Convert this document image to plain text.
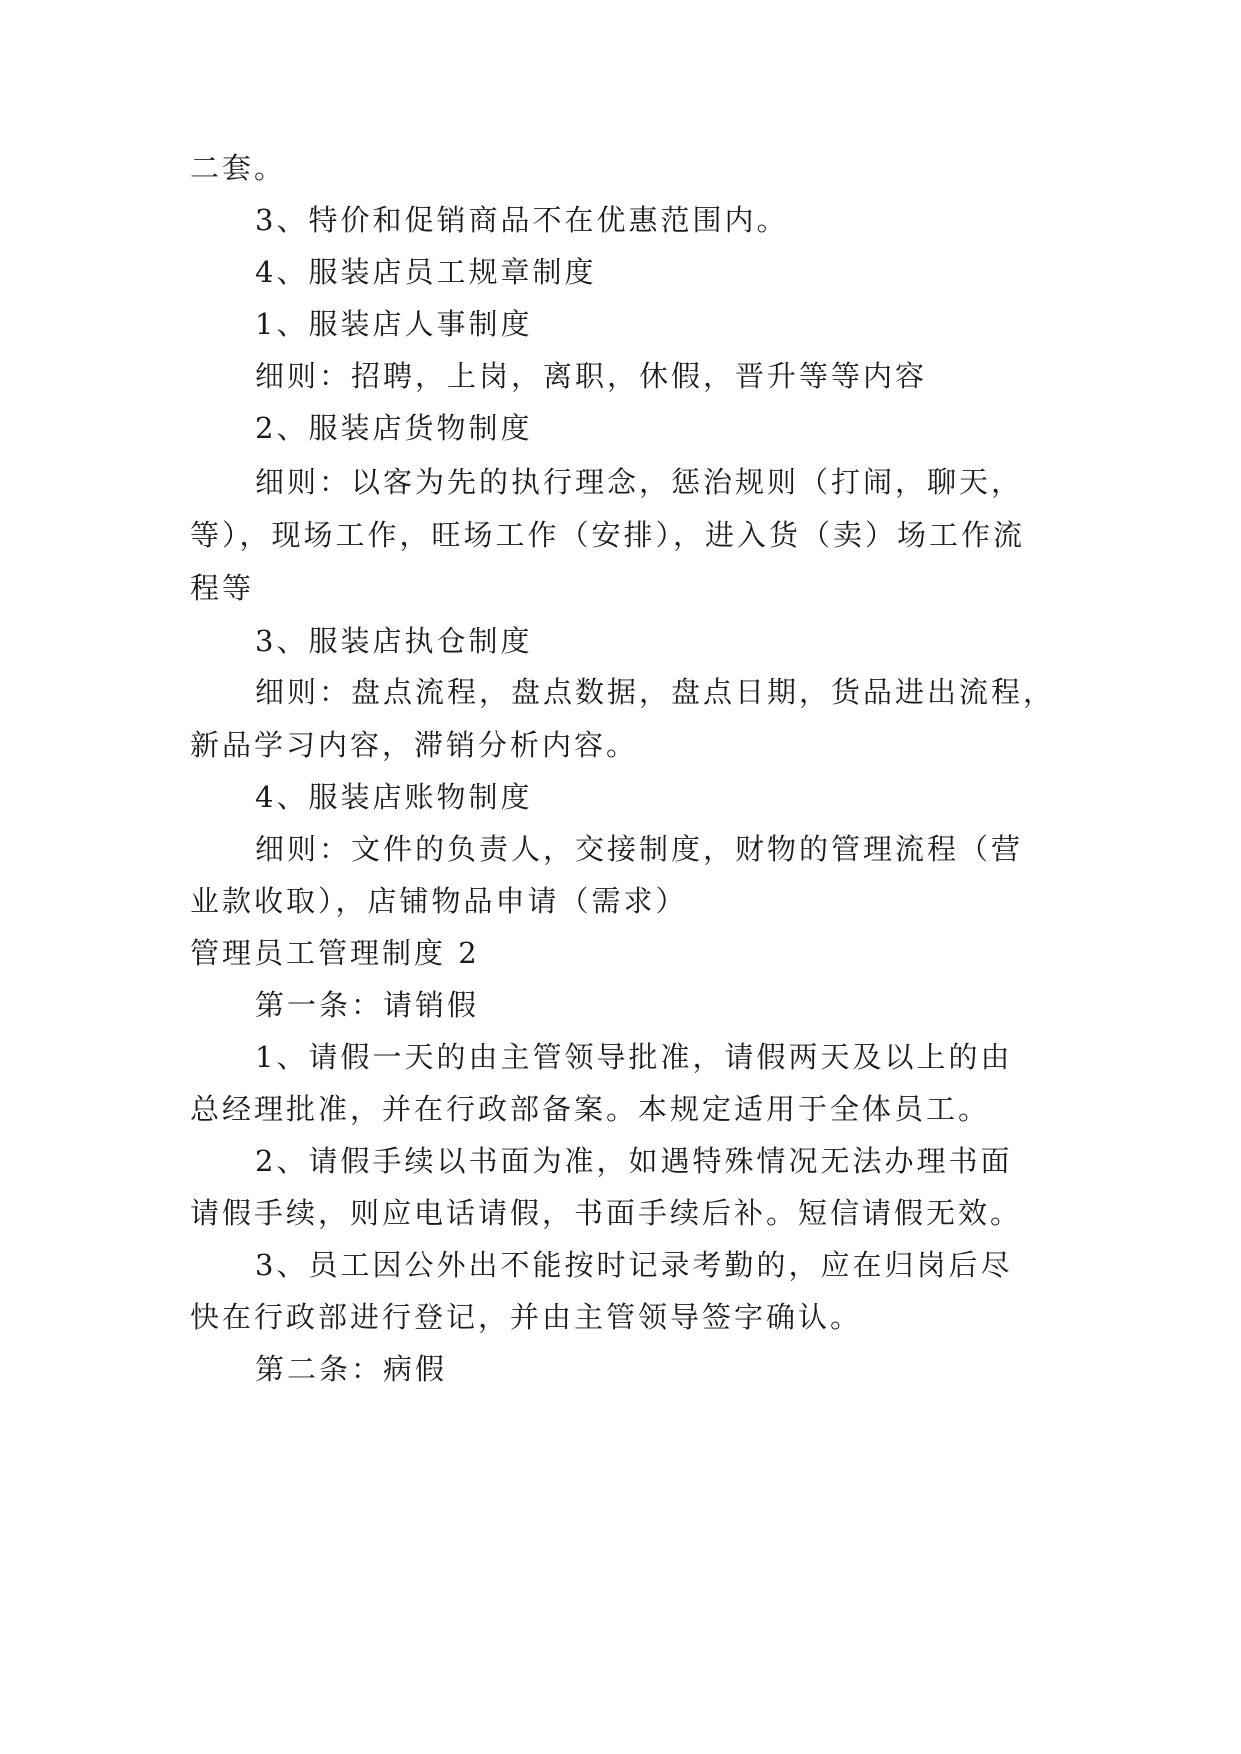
二套。
3、特价和促销商品不在优惠范围内。
4、服装店员工规章制度
1、服装店人事制度
细则：招聘，上岗，离职，休假，晋升等等内容
2、服装店货物制度
细则：以客为先的执行理念，惩治规则（打闹，聊天，
等），现场工作，旺场工作（安排），进入货（卖）场工作流
程等
3、服装店执仓制度
细则：盘点流程，盘点数据，盘点日期，货品进出流程，
新品学习内容，滞销分析内容。
4、服装店账物制度
细则：文件的负责人，交接制度，财物的管理流程（营
业款收取），店铺物品申请（需求）
管理员工管理制度 2
第一条：请销假
1、请假一天的由主管领导批准，请假两天及以上的由
总经理批准，并在行政部备案。本规定适用于全体员工。
2、请假手续以书面为准，如遇特殊情况无法办理书面
请假手续，则应电话请假，书面手续后补。短信请假无效。
3、员工因公外出不能按时记录考勤的，应在归岗后尽
快在行政部进行登记，并由主管领导签字确认。
第二条：病假
